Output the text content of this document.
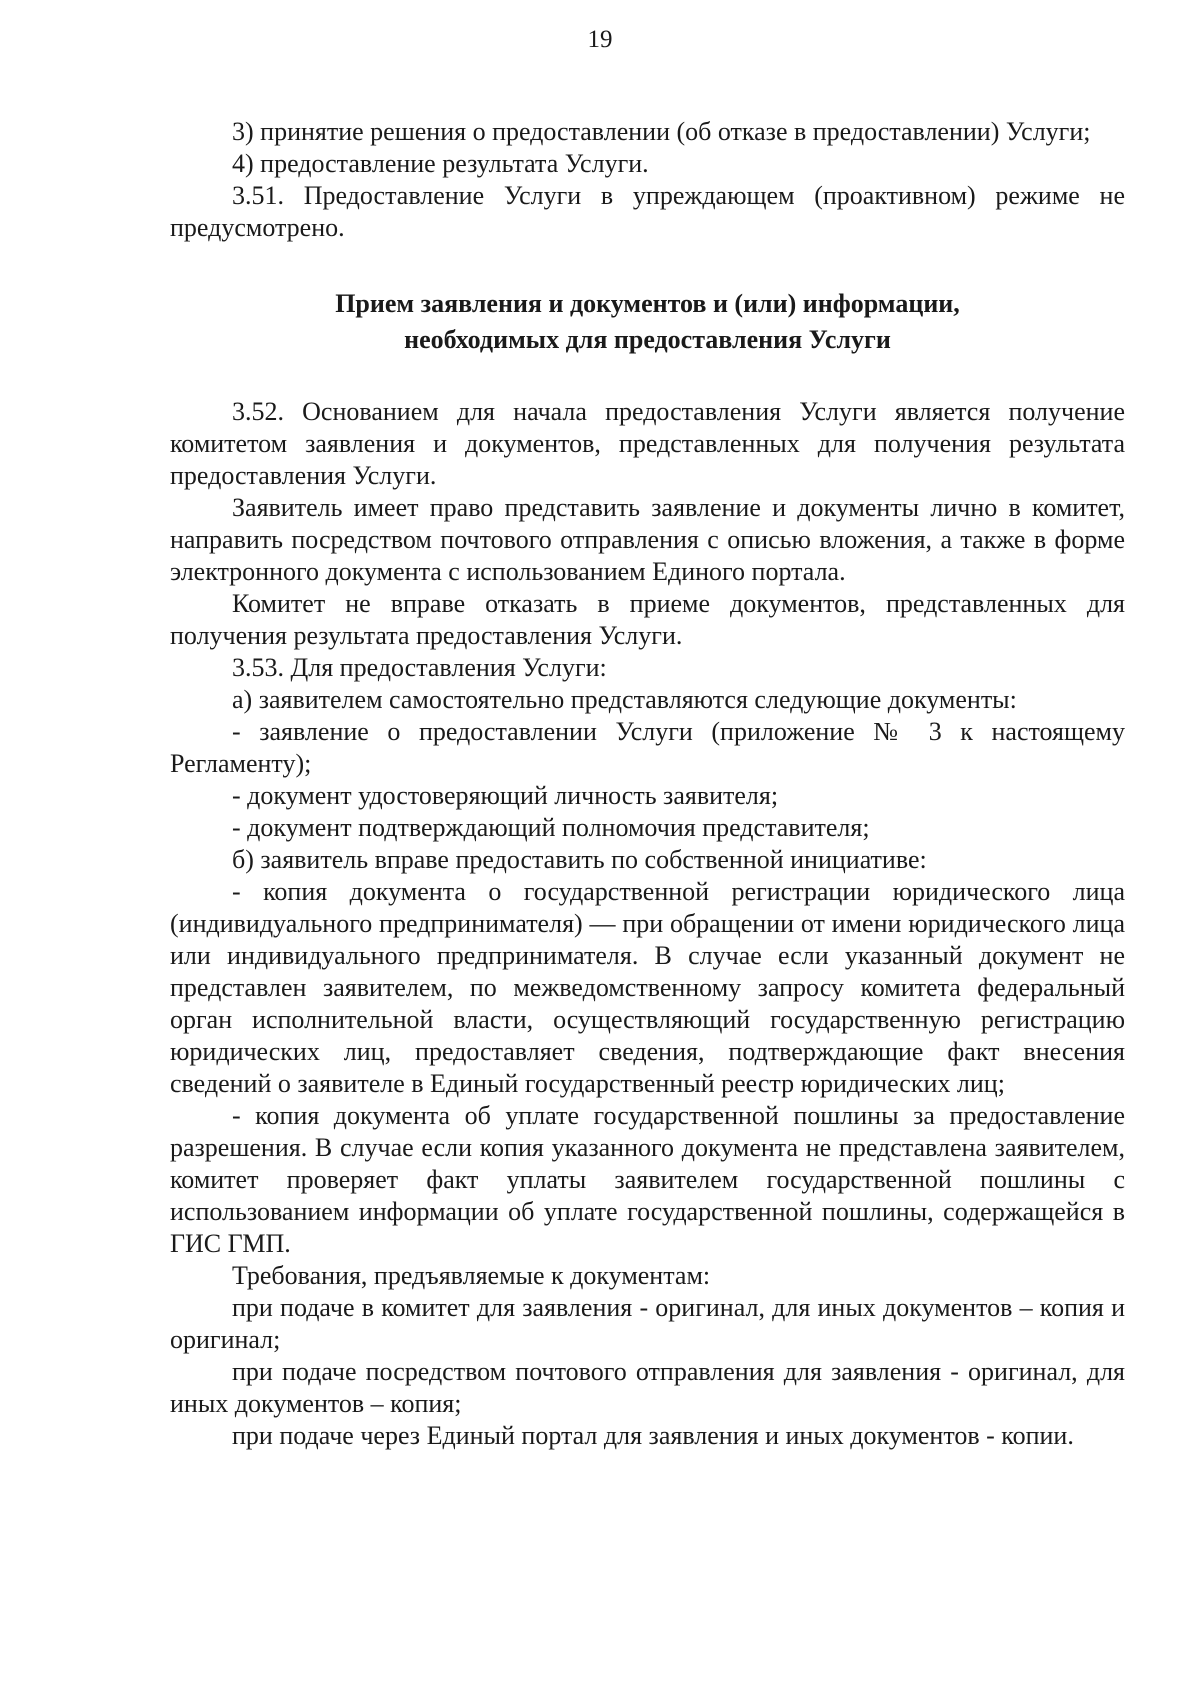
19

3) принятие решения о предоставлении (об отказе в предоставлении) Услуги;

4) предоставление результата Услуги.

3.51. Предоставление Услуги в упреждающем (проактивном) режиме не предусмотрено.

Прием заявления и документов и (или) информации,
необходимых для предоставления Услуги

3.52. Основанием для начала предоставления Услуги является получение комитетом заявления и документов, представленных для получения результата предоставления Услуги.

Заявитель имеет право представить заявление и документы лично в комитет, направить посредством почтового отправления с описью вложения, а также в форме электронного документа с использованием Единого портала.

Комитет не вправе отказать в приеме документов, представленных для получения результата предоставления Услуги.

3.53. Для предоставления Услуги:

а) заявителем самостоятельно представляются следующие документы:

- заявление о предоставлении Услуги (приложение № 3 к настоящему Регламенту);

- документ удостоверяющий личность заявителя;

- документ подтверждающий полномочия представителя;

б) заявитель вправе предоставить по собственной инициативе:

- копия документа о государственной регистрации юридического лица (индивидуального предпринимателя) — при обращении от имени юридического лица или индивидуального предпринимателя. В случае если указанный документ не представлен заявителем, по межведомственному запросу комитета федеральный орган исполнительной власти, осуществляющий государственную регистрацию юридических лиц, предоставляет сведения, подтверждающие факт внесения сведений о заявителе в Единый государственный реестр юридических лиц;

- копия документа об уплате государственной пошлины за предоставление разрешения. В случае если копия указанного документа не представлена заявителем, комитет проверяет факт уплаты заявителем государственной пошлины с использованием информации об уплате государственной пошлины, содержащейся в ГИС ГМП.

Требования, предъявляемые к документам:

при подаче в комитет для заявления - оригинал, для иных документов – копия и оригинал;

при подаче посредством почтового отправления для заявления - оригинал, для иных документов – копия;

при подаче через Единый портал для заявления и иных документов - копии.
